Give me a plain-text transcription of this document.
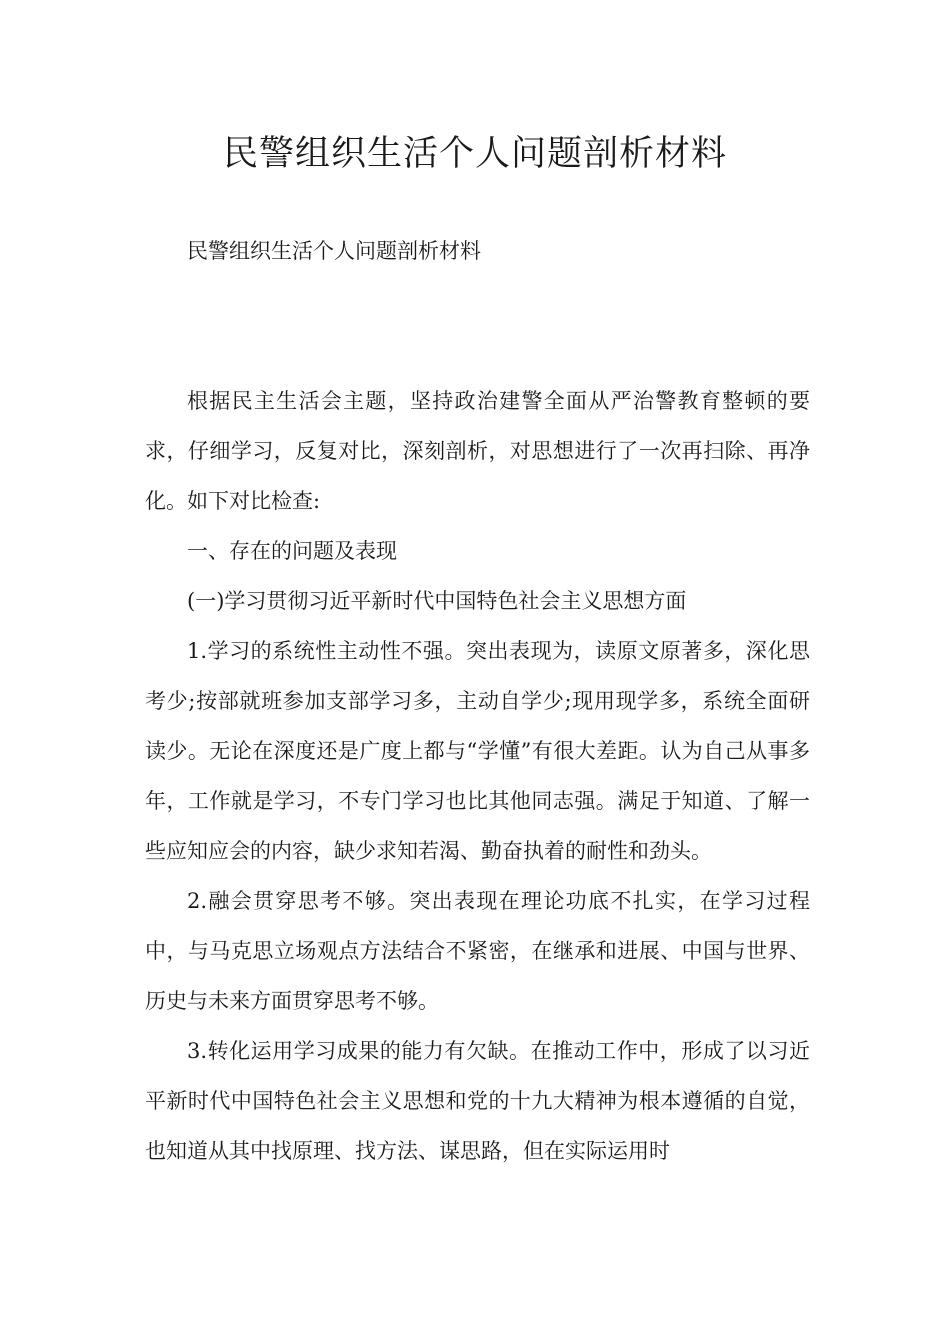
民警组织生活个人问题剖析材料

民警组织生活个人问题剖析材料

根据民主生活会主题，坚持政治建警全面从严治警教育整顿的要求，仔细学习，反复对比，深刻剖析，对思想进行了一次再扫除、再净化。如下对比检查:

一、存在的问题及表现

(一)学习贯彻习近平新时代中国特色社会主义思想方面

1.学习的系统性主动性不强。突出表现为，读原文原著多，深化思考少;按部就班参加支部学习多，主动自学少;现用现学多，系统全面研读少。无论在深度还是广度上都与“学懂”有很大差距。认为自己从事多年，工作就是学习，不专门学习也比其他同志强。满足于知道、了解一些应知应会的内容，缺少求知若渴、勤奋执着的耐性和劲头。

2.融会贯穿思考不够。突出表现在理论功底不扎实，在学习过程中，与马克思立场观点方法结合不紧密，在继承和进展、中国与世界、历史与未来方面贯穿思考不够。

3.转化运用学习成果的能力有欠缺。在推动工作中，形成了以习近平新时代中国特色社会主义思想和党的十九大精神为根本遵循的自觉，也知道从其中找原理、找方法、谋思路，但在实际运用时
